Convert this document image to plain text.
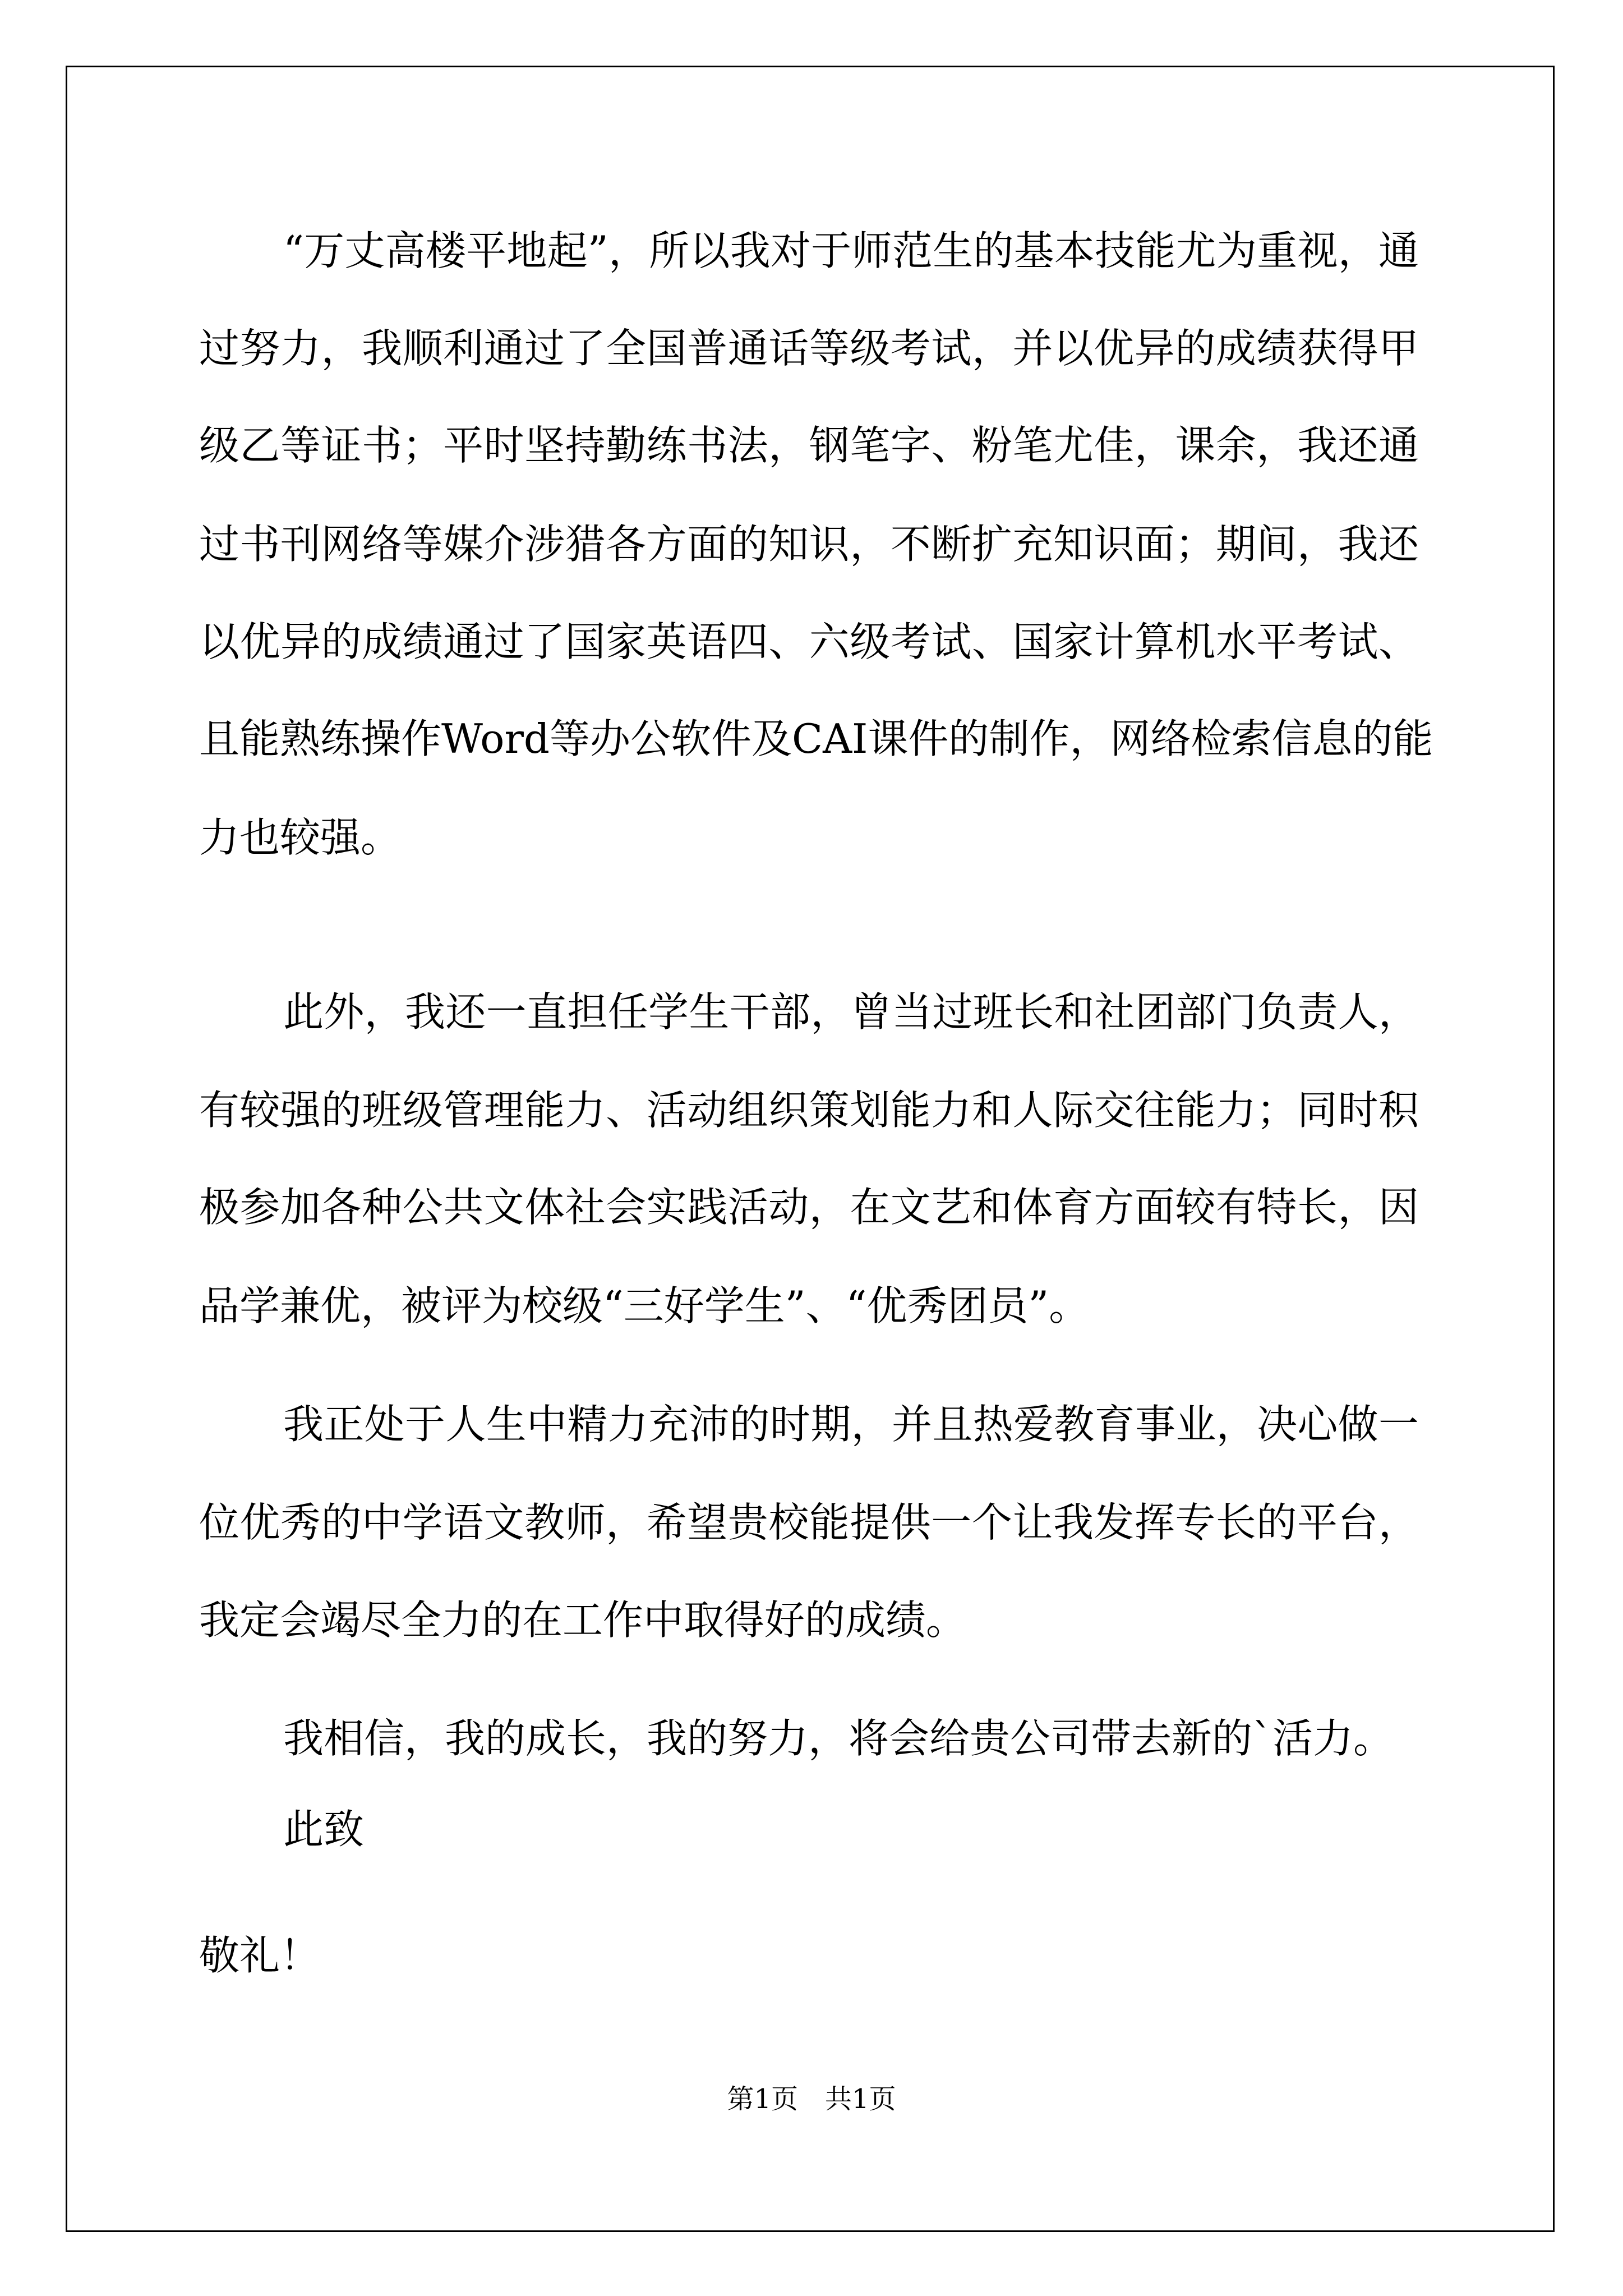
“万丈高楼平地起”，所以我对于师范生的基本技能尤为重视，通
过努力，我顺利通过了全国普通话等级考试，并以优异的成绩获得甲
级乙等证书；平时坚持勤练书法，钢笔字、粉笔尤佳，课余，我还通
过书刊网络等媒介涉猎各方面的知识，不断扩充知识面；期间，我还
以优异的成绩通过了国家英语四、六级考试、国家计算机水平考试、
且能熟练操作Word等办公软件及CAI课件的制作，网络检索信息的能
力也较强。
此外，我还一直担任学生干部，曾当过班长和社团部门负责人，
有较强的班级管理能力、活动组织策划能力和人际交往能力；同时积
极参加各种公共文体社会实践活动，在文艺和体育方面较有特长，因
品学兼优，被评为校级“三好学生”、“优秀团员”。
我正处于人生中精力充沛的时期，并且热爱教育事业，决心做一
位优秀的中学语文教师，希望贵校能提供一个让我发挥专长的平台，
我定会竭尽全力的在工作中取得好的成绩。
我相信，我的成长，我的努力，将会给贵公司带去新的`活力。
此致
敬礼！
第1页　共1页
